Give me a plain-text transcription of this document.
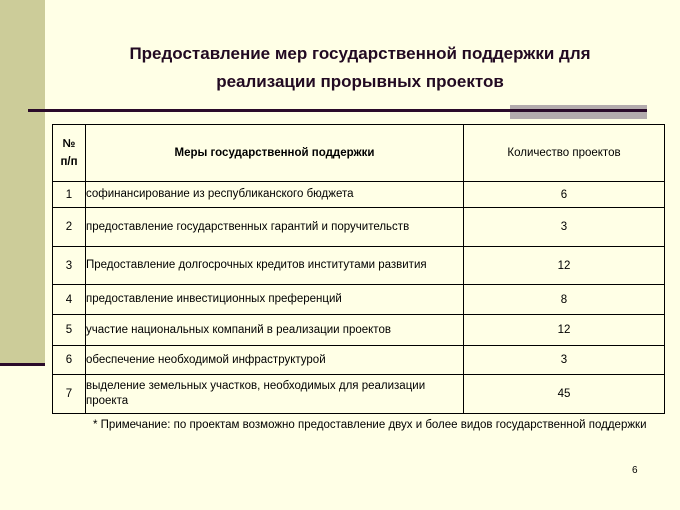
Предоставление мер государственной поддержки для
реализации прорывных проектов
№
п/п	Меры государственной поддержки	Количество проектов
1	софинансирование из республиканского бюджета	6
2	предоставление государственных гарантий и поручительств	3
3	Предоставление долгосрочных кредитов институтами развития	12
4	предоставление инвестиционных преференций	8
5	участие национальных компаний в реализации проектов	12
6	обеспечение необходимой инфраструктурой	3
7	выделение земельных участков, необходимых для реализации проекта	45
* Примечание: по проектам возможно предоставление двух и более видов государственной поддержки
6
